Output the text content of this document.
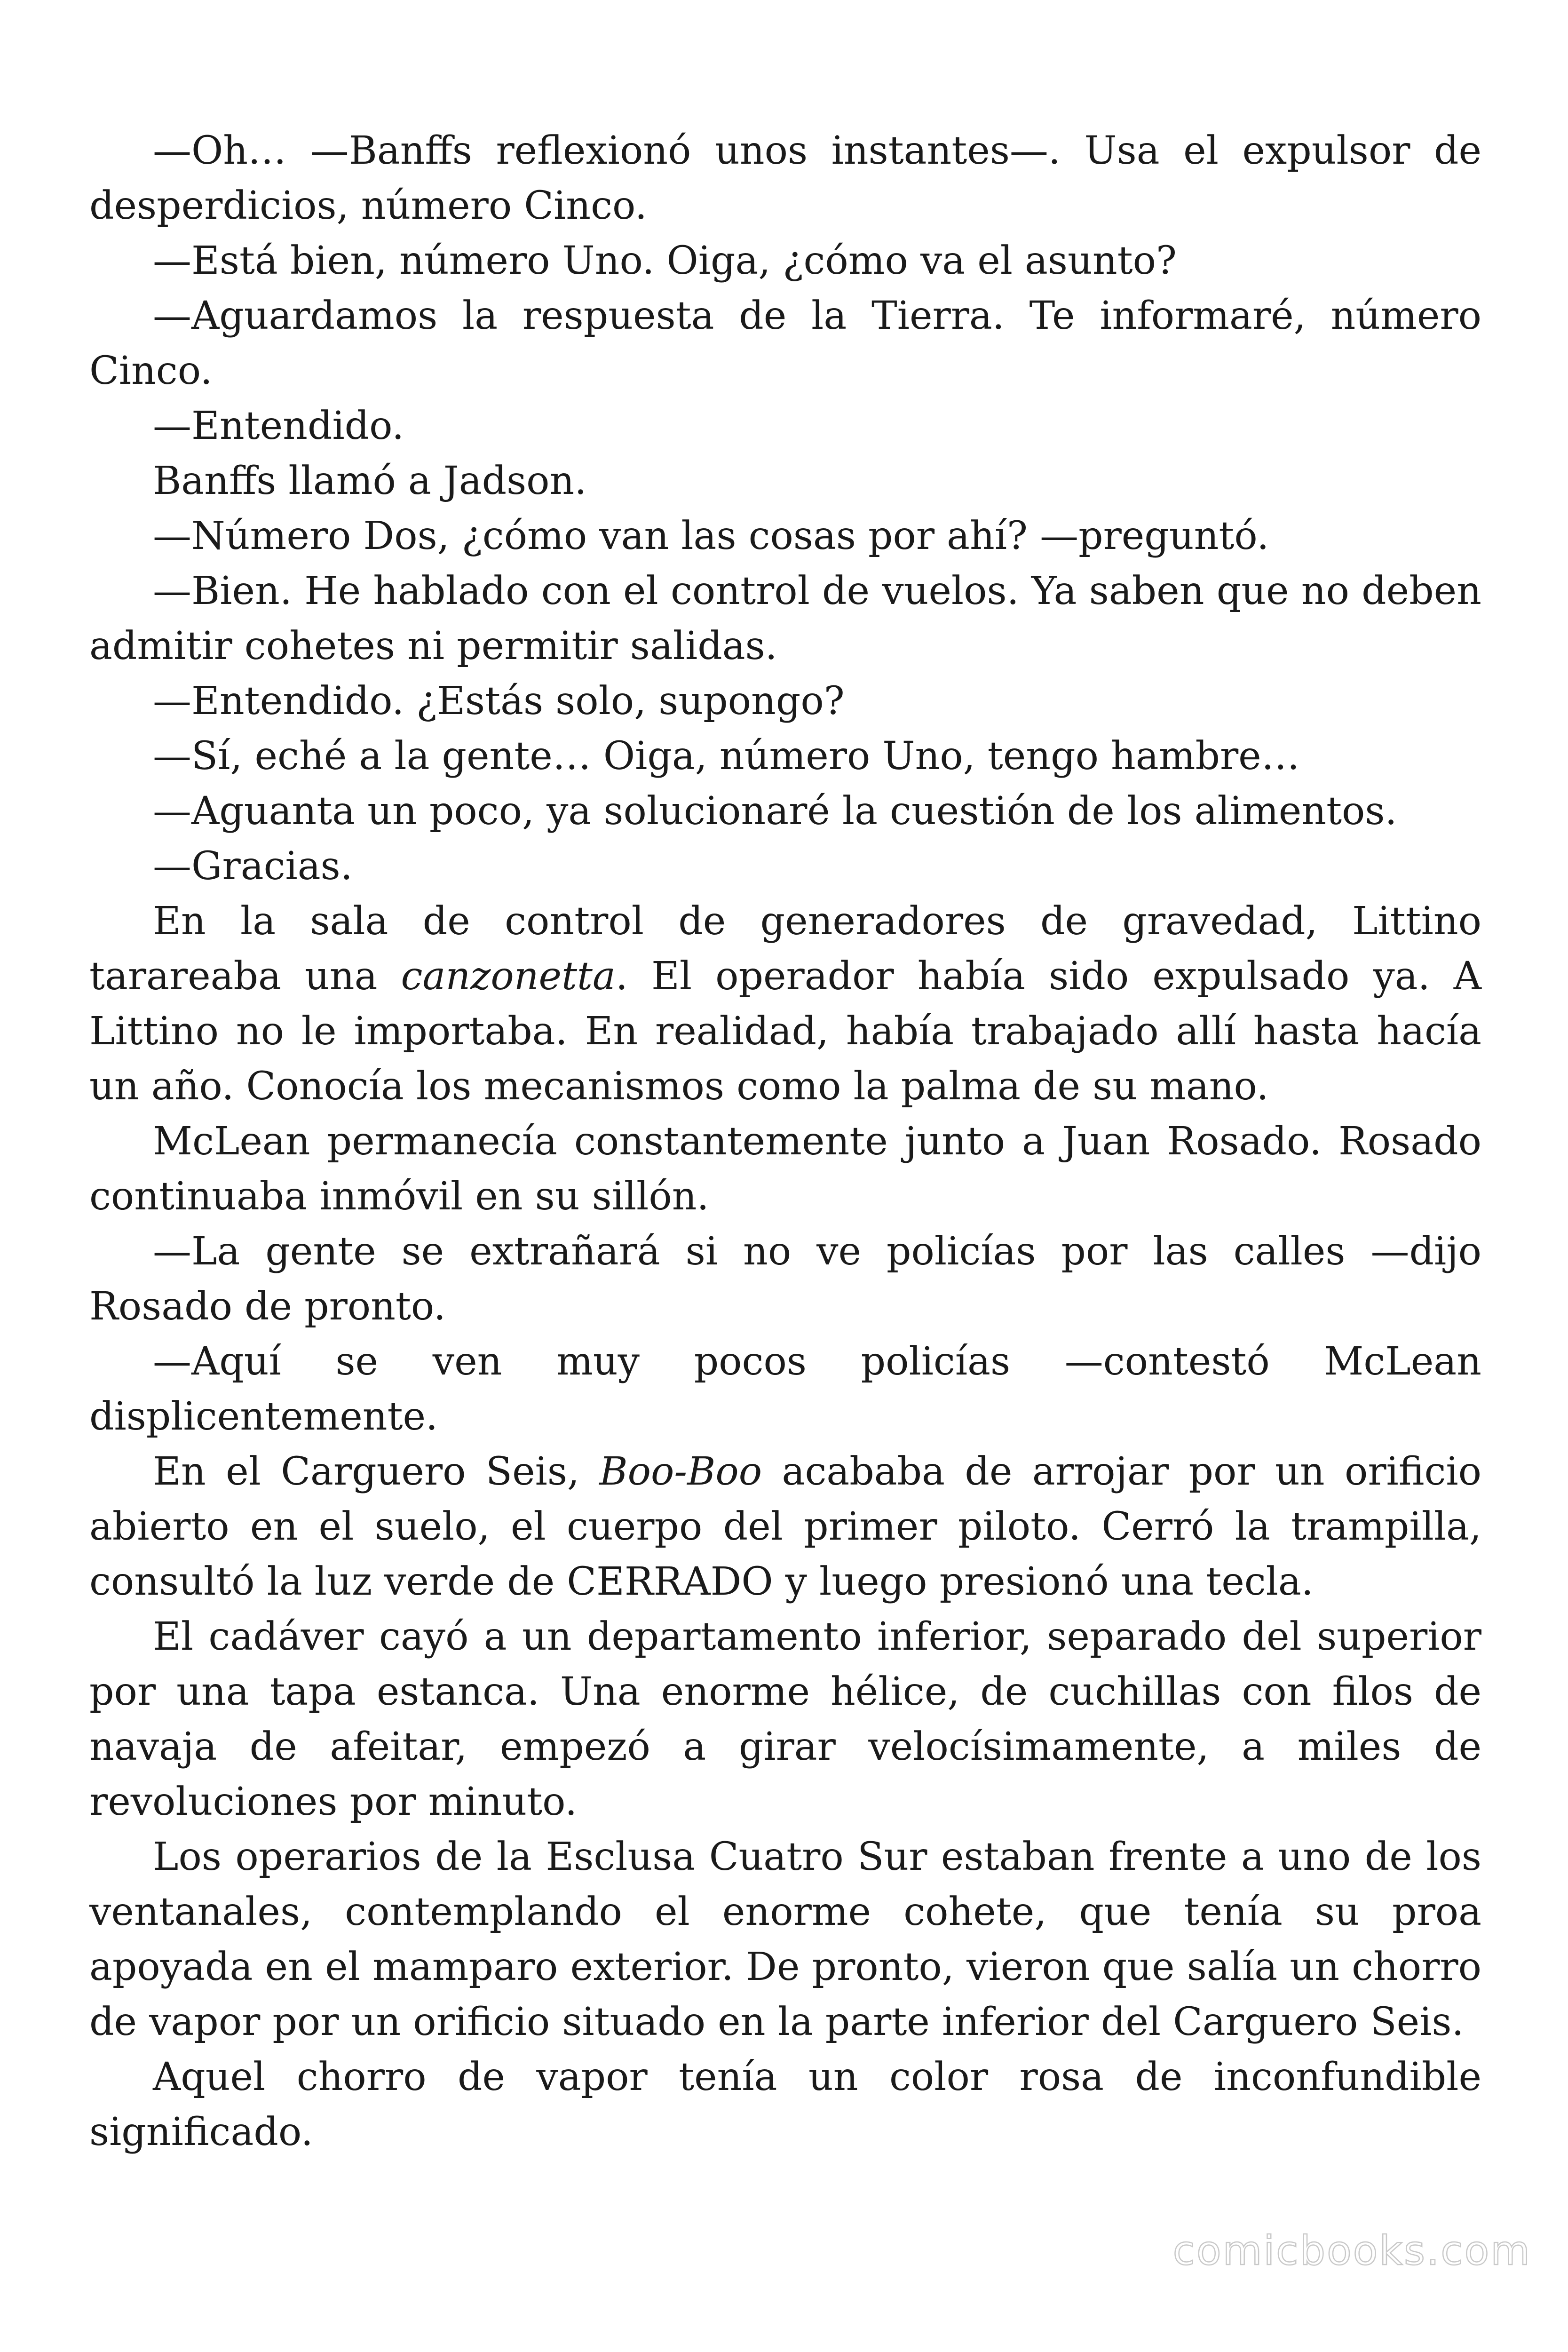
—Oh… —Banffs reflexionó unos instantes—. Usa el expulsor de desperdicios, número Cinco.

—Está bien, número Uno. Oiga, ¿cómo va el asunto?

—Aguardamos la respuesta de la Tierra. Te informaré, número Cinco.

—Entendido.

Banffs llamó a Jadson.

—Número Dos, ¿cómo van las cosas por ahí? —preguntó.

—Bien. He hablado con el control de vuelos. Ya saben que no deben admitir cohetes ni permitir salidas.

—Entendido. ¿Estás solo, supongo?

—Sí, eché a la gente… Oiga, número Uno, tengo hambre…

—Aguanta un poco, ya solucionaré la cuestión de los alimentos.

—Gracias.

En la sala de control de generadores de gravedad, Littino tarareaba una canzonetta. El operador había sido expulsado ya. A Littino no le importaba. En realidad, había trabajado allí hasta hacía un año. Conocía los mecanismos como la palma de su mano.

McLean permanecía constantemente junto a Juan Rosado. Rosado continuaba inmóvil en su sillón.

—La gente se extrañará si no ve policías por las calles —dijo Rosado de pronto.

—Aquí se ven muy pocos policías —contestó McLean displicentemente.

En el Carguero Seis, Boo-Boo acababa de arrojar por un orificio abierto en el suelo, el cuerpo del primer piloto. Cerró la trampilla, consultó la luz verde de CERRADO y luego presionó una tecla.

El cadáver cayó a un departamento inferior, separado del superior por una tapa estanca. Una enorme hélice, de cuchillas con filos de navaja de afeitar, empezó a girar velocísimamente, a miles de revoluciones por minuto.

Los operarios de la Esclusa Cuatro Sur estaban frente a uno de los ventanales, contemplando el enorme cohete, que tenía su proa apoyada en el mamparo exterior. De pronto, vieron que salía un chorro de vapor por un orificio situado en la parte inferior del Carguero Seis.

Aquel chorro de vapor tenía un color rosa de inconfundible significado.

comicbooks.com
